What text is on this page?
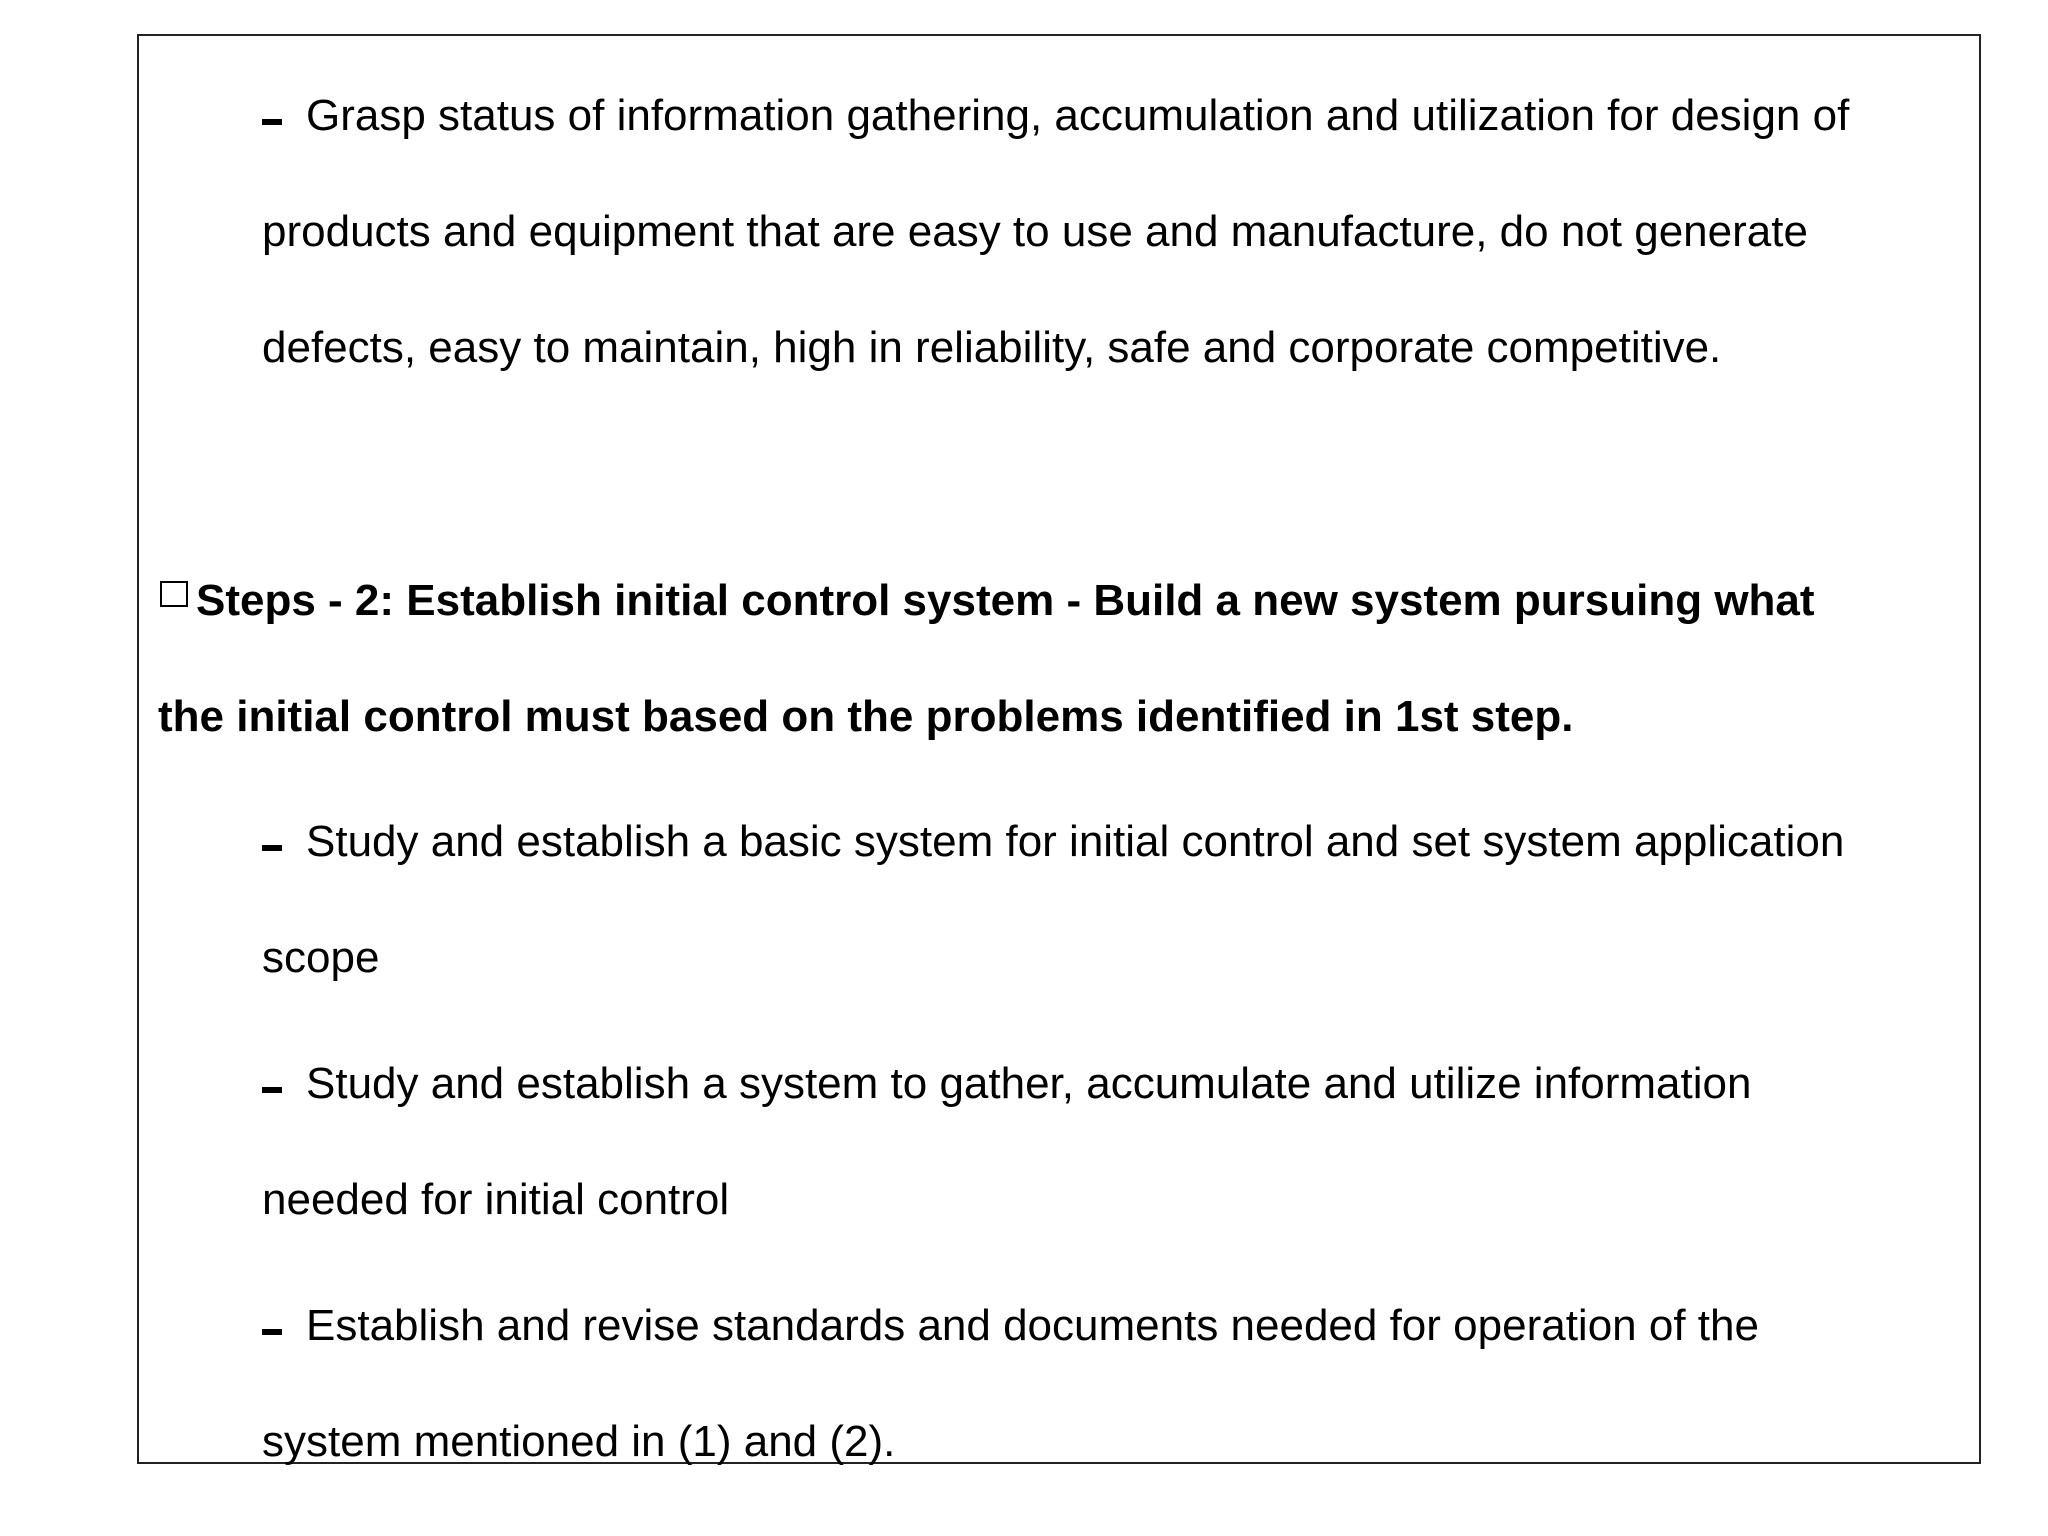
Grasp status of information gathering, accumulation and utilization for design of
products and equipment that are easy to use and manufacture, do not generate
defects, easy to maintain, high in reliability, safe and corporate competitive.
Steps - 2: Establish initial control system - Build a new system pursuing what
the initial control must based on the problems identified in 1st step.
Study and establish a basic system for initial control and set system application
scope
Study and establish a system to gather, accumulate and utilize information
needed for initial control
Establish and revise standards and documents needed for operation of the
system mentioned in (1) and (2).
